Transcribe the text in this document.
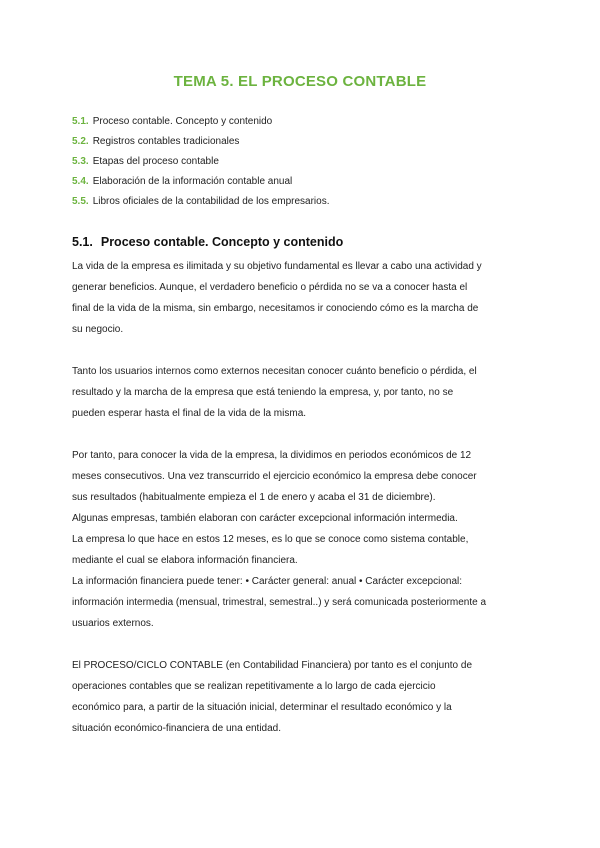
TEMA 5. EL PROCESO CONTABLE
5.1. Proceso contable. Concepto y contenido
5.2. Registros contables tradicionales
5.3. Etapas del proceso contable
5.4. Elaboración de la información contable anual
5.5. Libros oficiales de la contabilidad de los empresarios.
5.1. Proceso contable. Concepto y contenido

La vida de la empresa es ilimitada y su objetivo fundamental es llevar a cabo una actividad y

generar beneficios. Aunque, el verdadero beneficio o pérdida no se va a conocer hasta el

final de la vida de la misma, sin embargo, necesitamos ir conociendo cómo es la marcha de

su negocio.

Tanto los usuarios internos como externos necesitan conocer cuánto beneficio o pérdida, el

resultado y la marcha de la empresa que está teniendo la empresa, y, por tanto, no se

pueden esperar hasta el final de la vida de la misma.

Por tanto, para conocer la vida de la empresa, la dividimos en periodos económicos de 12

meses consecutivos. Una vez transcurrido el ejercicio económico la empresa debe conocer

sus resultados (habitualmente empieza el 1 de enero y acaba el 31 de diciembre).

Algunas empresas, también elaboran con carácter excepcional información intermedia.

La empresa lo que hace en estos 12 meses, es lo que se conoce como sistema contable,

mediante el cual se elabora información financiera.

La información financiera puede tener: • Carácter general: anual • Carácter excepcional:

información intermedia (mensual, trimestral, semestral..) y será comunicada posteriormente a

usuarios externos.

El PROCESO/CICLO CONTABLE (en Contabilidad Financiera) por tanto es el conjunto de

operaciones contables que se realizan repetitivamente a lo largo de cada ejercicio

económico para, a partir de la situación inicial, determinar el resultado económico y la

situación económico-financiera de una entidad.
